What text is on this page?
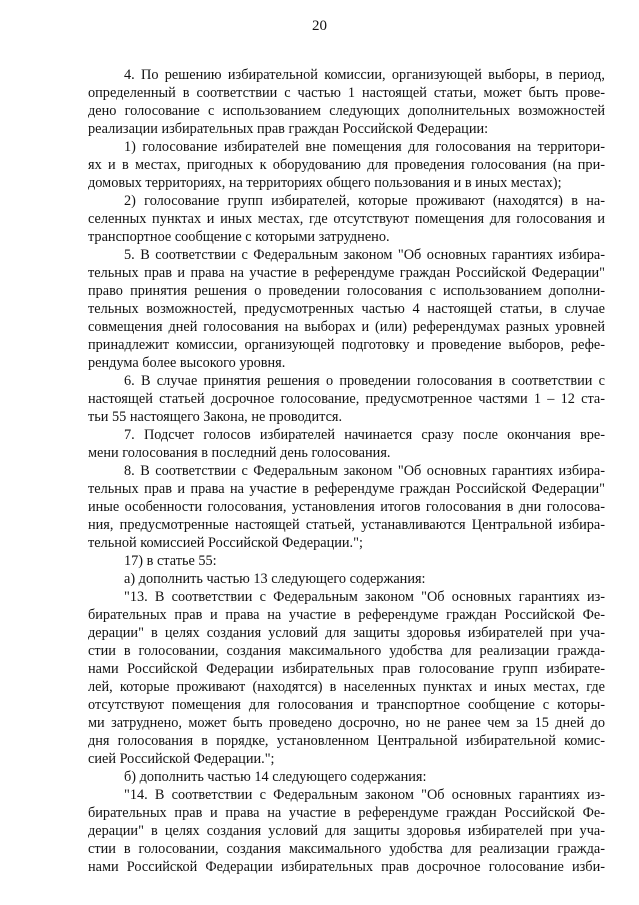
20
4. По решению избирательной комиссии, организующей выборы, в период,
определенный в соответствии с частью 1 настоящей статьи, может быть прове-
дено голосование с использованием следующих дополнительных возможностей
реализации избирательных прав граждан Российской Федерации:
1) голосование избирателей вне помещения для голосования на территори-
ях и в местах, пригодных к оборудованию для проведения голосования (на при-
домовых территориях, на территориях общего пользования и в иных местах);
2) голосование групп избирателей, которые проживают (находятся) в на-
селенных пунктах и иных местах, где отсутствуют помещения для голосования и
транспортное сообщение с которыми затруднено.
5. В соответствии с Федеральным законом "Об основных гарантиях избира-
тельных прав и права на участие в референдуме граждан Российской Федерации"
право принятия решения о проведении голосования с использованием дополни-
тельных возможностей, предусмотренных частью 4 настоящей статьи, в случае
совмещения дней голосования на выборах и (или) референдумах разных уровней
принадлежит комиссии, организующей подготовку и проведение выборов, рефе-
рендума более высокого уровня.
6. В случае принятия решения о проведении голосования в соответствии с
настоящей статьей досрочное голосование, предусмотренное частями 1 – 12 ста-
тьи 55 настоящего Закона, не проводится.
7. Подсчет голосов избирателей начинается сразу после окончания вре-
мени голосования в последний день голосования.
8. В соответствии с Федеральным законом "Об основных гарантиях избира-
тельных прав и права на участие в референдуме граждан Российской Федерации"
иные особенности голосования, установления итогов голосования в дни голосова-
ния, предусмотренные настоящей статьей, устанавливаются Центральной избира-
тельной комиссией Российской Федерации.";
17) в статье 55:
а) дополнить частью 13 следующего содержания:
"13. В соответствии с Федеральным законом "Об основных гарантиях из-
бирательных прав и права на участие в референдуме граждан Российской Фе-
дерации" в целях создания условий для защиты здоровья избирателей при уча-
стии в голосовании, создания максимального удобства для реализации гражда-
нами Российской Федерации избирательных прав голосование групп избирате-
лей, которые проживают (находятся) в населенных пунктах и иных местах, где
отсутствуют помещения для голосования и транспортное сообщение с которы-
ми затруднено, может быть проведено досрочно, но не ранее чем за 15 дней до
дня голосования в порядке, установленном Центральной избирательной комис-
сией Российской Федерации.";
б) дополнить частью 14 следующего содержания:
"14. В соответствии с Федеральным законом "Об основных гарантиях из-
бирательных прав и права на участие в референдуме граждан Российской Фе-
дерации" в целях создания условий для защиты здоровья избирателей при уча-
стии в голосовании, создания максимального удобства для реализации гражда-
нами Российской Федерации избирательных прав досрочное голосование изби-
